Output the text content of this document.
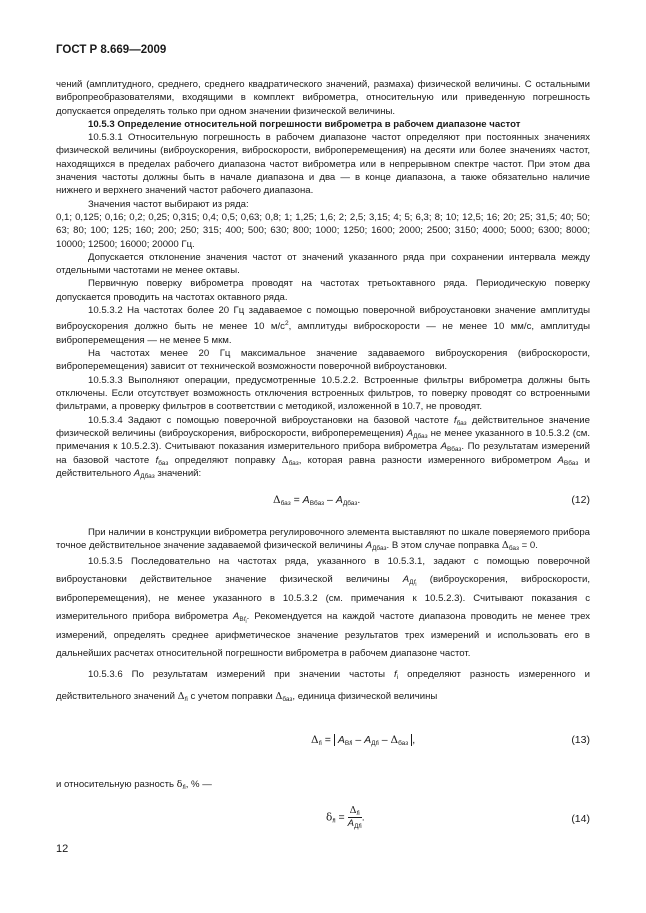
ГОСТ Р 8.669—2009

чений (амплитудного, среднего, среднего квадратического значений, размаха) физической величины. С остальными вибропреобразователями, входящими в комплект виброметра, относительную или приведенную погрешность допускается определять только при одном значении физической величины.

10.5.3 Определение относительной погрешности виброметра в рабочем диапазоне частот

10.5.3.1 Относительную погрешность в рабочем диапазоне частот определяют при постоянных значениях физической величины (виброускорения, виброскорости, виброперемещения) на десяти или более значениях частот, находящихся в пределах рабочего диапазона частот виброметра или в непрерывном спектре частот. При этом два значения частоты должны быть в начале диапазона и два — в конце диапазона, а также обязательно наличие нижнего и верхнего значений частот рабочего диапазона.

Значения частот выбирают из ряда:

0,1; 0,125; 0,16; 0,2; 0,25; 0,315; 0,4; 0,5; 0,63; 0,8; 1; 1,25; 1,6; 2; 2,5; 3,15; 4; 5; 6,3; 8; 10; 12,5; 16; 20; 25; 31,5; 40; 50; 63; 80; 100; 125; 160; 200; 250; 315; 400; 500; 630; 800; 1000; 1250; 1600; 2000; 2500; 3150; 4000; 5000; 6300; 8000; 10000; 12500; 16000; 20000 Гц.

Допускается отклонение значения частот от значений указанного ряда при сохранении интервала между отдельными частотами не менее октавы.

Первичную поверку виброметра проводят на частотах третьоктавного ряда. Периодическую поверку допускается проводить на частотах октавного ряда.

10.5.3.2 На частотах более 20 Гц задаваемое с помощью поверочной виброустановки значение амплитуды виброускорения должно быть не менее 10 $м/с^2$, амплитуды виброскорости — не менее 10 мм/с, амплитуды виброперемещения — не менее 5 мкм.

На частотах менее 20 Гц максимальное значение задаваемого виброускорения (виброскорости, виброперемещения) зависит от технической возможности поверочной виброустановки.

10.5.3.3 Выполняют операции, предусмотренные 10.5.2.2. Встроенные фильтры виброметра должны быть отключены. Если отсутствует возможность отключения встроенных фильтров, то поверку проводят со встроенными фильтрами, а проверку фильтров в соответствии с методикой, изложенной в 10.7, не проводят.

10.5.3.4 Задают с помощью поверочной виброустановки на базовой частоте $f_{баз}$ действительное значение физической величины (виброускорения, виброскорости, виброперемещения) $A_{Дбаз}$ не менее указанного в 10.5.3.2 (см. примечания к 10.5.2.3). Считывают показания измерительного прибора виброметра $A_{Вбаз}$. По результатам измерений на базовой частоте $f_{баз}$ определяют поправку $\Delta_{баз}$, которая равна разности измеренного виброметром $A_{Вбаз}$ и действительного $A_{Дбаз}$ значений:

$\Delta_{баз} = A_{Вбаз} - A_{Дбаз}$.	(12)

При наличии в конструкции виброметра регулировочного элемента выставляют по шкале поверяемого прибора точное действительное значение задаваемой физической величины $A_{Дбаз}$. В этом случае поправка $\Delta_{баз} = 0$.

10.5.3.5 Последовательно на частотах ряда, указанного в 10.5.3.1, задают с помощью поверочной виброустановки действительное значение физической величины $A_{Дf_i}$ (виброускорения, виброскорости, виброперемещения), не менее указанного в 10.5.3.2 (см. примечания к 10.5.2.3). Считывают показания с измерительного прибора виброметра $A_{Вf_i}$. Рекомендуется на каждой частоте диапазона проводить не менее трех измерений, определять среднее арифметическое значение результатов трех измерений и использовать его в дальнейших расчетах относительной погрешности виброметра в рабочем диапазоне частот.

10.5.3.6 По результатам измерений при значении частоты $f_i$ определяют разность измеренного и действительного значений $\Delta_{fi}$ с учетом поправки $\Delta_{баз}$, единица физической величины

$\Delta_{fi} = A_{Вfi} - A_{Дfi} - \Delta_{баз}$ ,	(13)

и относительную разность $\delta_{fi}$, % —

$\delta_{fi} = \frac{\Delta_{fi}}{A_{Дfi}}$ .	(14)
12
